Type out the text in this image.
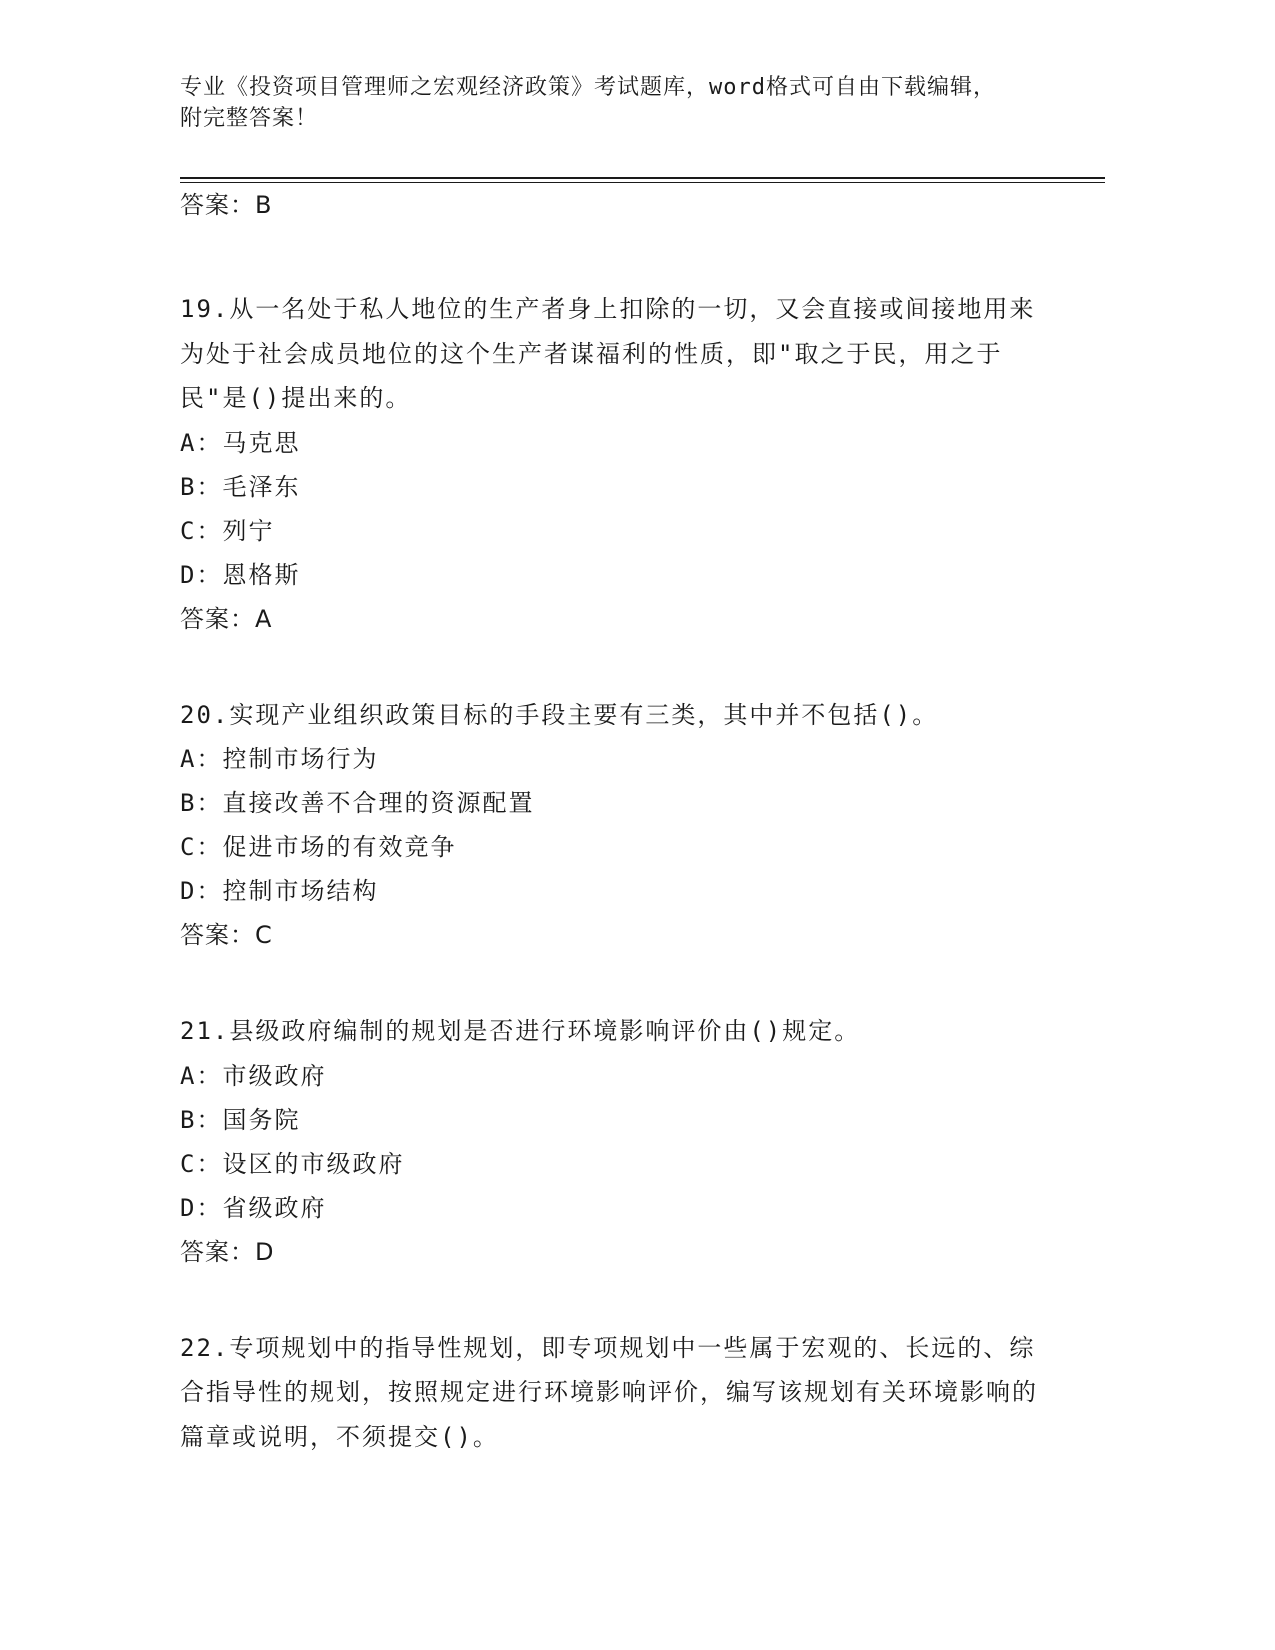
专业《投资项目管理师之宏观经济政策》考试题库，word格式可自由下载编辑，
附完整答案！
答案：B
19.从一名处于私人地位的生产者身上扣除的一切，又会直接或间接地用来为处于社会成员地位的这个生产者谋福利的性质，即"取之于民，用之于民"是()提出来的。
A：马克思
B：毛泽东
C：列宁
D：恩格斯
答案：A
20.实现产业组织政策目标的手段主要有三类，其中并不包括()。
A：控制市场行为
B：直接改善不合理的资源配置
C：促进市场的有效竞争
D：控制市场结构
答案：C
21.县级政府编制的规划是否进行环境影响评价由()规定。
A：市级政府
B：国务院
C：设区的市级政府
D：省级政府
答案：D
22.专项规划中的指导性规划，即专项规划中一些属于宏观的、长远的、综合指导性的规划，按照规定进行环境影响评价，编写该规划有关环境影响的篇章或说明，不须提交()。
